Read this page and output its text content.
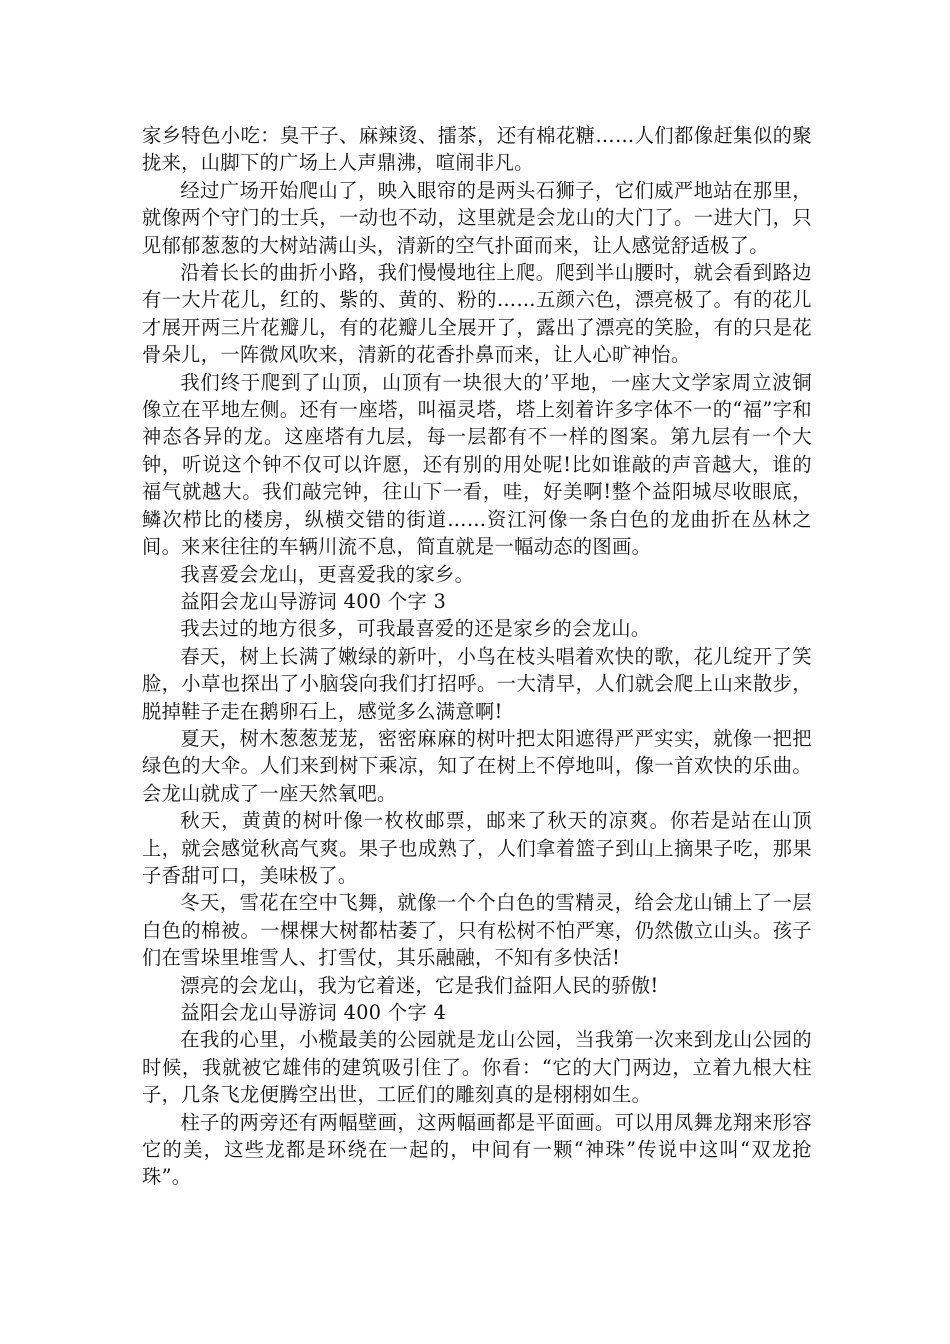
家乡特色小吃：臭干子、麻辣烫、擂茶，还有棉花糖……人们都像赶集似的聚拢来，山脚下的广场上人声鼎沸，喧闹非凡。

经过广场开始爬山了，映入眼帘的是两头石狮子，它们威严地站在那里，就像两个守门的士兵，一动也不动，这里就是会龙山的大门了。一进大门，只见郁郁葱葱的大树站满山头，清新的空气扑面而来，让人感觉舒适极了。

沿着长长的曲折小路，我们慢慢地往上爬。爬到半山腰时，就会看到路边有一大片花儿，红的、紫的、黄的、粉的……五颜六色，漂亮极了。有的花儿才展开两三片花瓣儿，有的花瓣儿全展开了，露出了漂亮的笑脸，有的只是花骨朵儿，一阵微风吹来，清新的花香扑鼻而来，让人心旷神怡。

我们终于爬到了山顶，山顶有一块很大的’平地，一座大文学家周立波铜像立在平地左侧。还有一座塔，叫福灵塔，塔上刻着许多字体不一的“福”字和神态各异的龙。这座塔有九层，每一层都有不一样的图案。第九层有一个大钟，听说这个钟不仅可以许愿，还有别的用处呢!比如谁敲的声音越大，谁的福气就越大。我们敲完钟，往山下一看，哇，好美啊!整个益阳城尽收眼底，鳞次栉比的楼房，纵横交错的街道……资江河像一条白色的龙曲折在丛林之间。来来往往的车辆川流不息，简直就是一幅动态的图画。

我喜爱会龙山，更喜爱我的家乡。

益阳会龙山导游词 400 个字 3

我去过的地方很多，可我最喜爱的还是家乡的会龙山。

春天，树上长满了嫩绿的新叶，小鸟在枝头唱着欢快的歌，花儿绽开了笑脸，小草也探出了小脑袋向我们打招呼。一大清早，人们就会爬上山来散步，脱掉鞋子走在鹅卵石上，感觉多么满意啊!

夏天，树木葱葱茏茏，密密麻麻的树叶把太阳遮得严严实实，就像一把把绿色的大伞。人们来到树下乘凉，知了在树上不停地叫，像一首欢快的乐曲。会龙山就成了一座天然氧吧。

秋天，黄黄的树叶像一枚枚邮票，邮来了秋天的凉爽。你若是站在山顶上，就会感觉秋高气爽。果子也成熟了，人们拿着篮子到山上摘果子吃，那果子香甜可口，美味极了。

冬天，雪花在空中飞舞，就像一个个白色的雪精灵，给会龙山铺上了一层白色的棉被。一棵棵大树都枯萎了，只有松树不怕严寒，仍然傲立山头。孩子们在雪垛里堆雪人、打雪仗，其乐融融，不知有多快活!

漂亮的会龙山，我为它着迷，它是我们益阳人民的骄傲!

益阳会龙山导游词 400 个字 4

在我的心里，小榄最美的公园就是龙山公园，当我第一次来到龙山公园的时候，我就被它雄伟的建筑吸引住了。你看：“它的大门两边，立着九根大柱子，几条飞龙便腾空出世，工匠们的雕刻真的是栩栩如生。

柱子的两旁还有两幅壁画，这两幅画都是平面画。可以用凤舞龙翔来形容它的美，这些龙都是环绕在一起的，中间有一颗“神珠”传说中这叫“双龙抢珠”。
